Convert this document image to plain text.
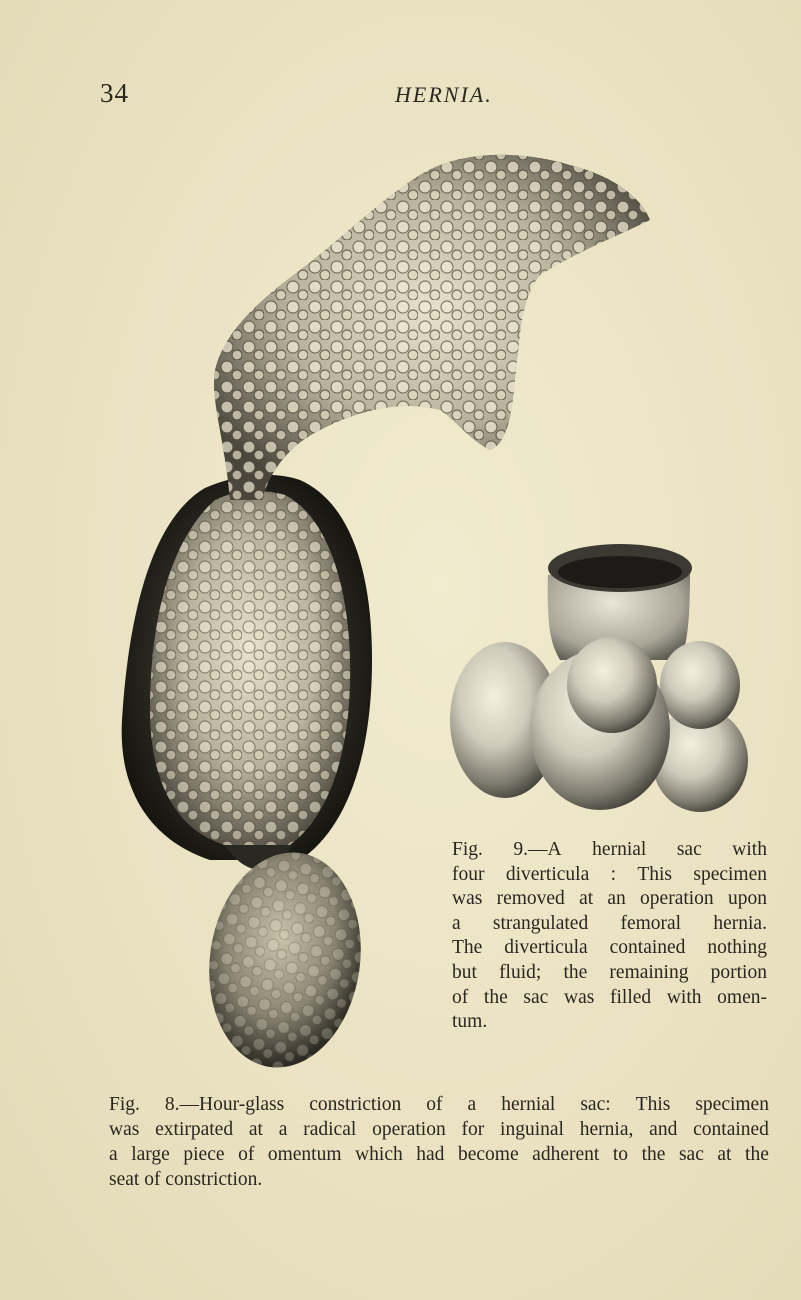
34	HERNIA.
Fig. 9.—A hernial sac with
four diverticula : This specimen
was removed at an operation upon
a strangulated femoral hernia.
The diverticula contained nothing
but fluid; the remaining portion
of the sac was filled with omen-
tum.
Fig. 8.—Hour-glass constriction of a hernial sac: This specimen
was extirpated at a radical operation for inguinal hernia, and contained
a large piece of omentum which had become adherent to the sac at the
seat of constriction.
